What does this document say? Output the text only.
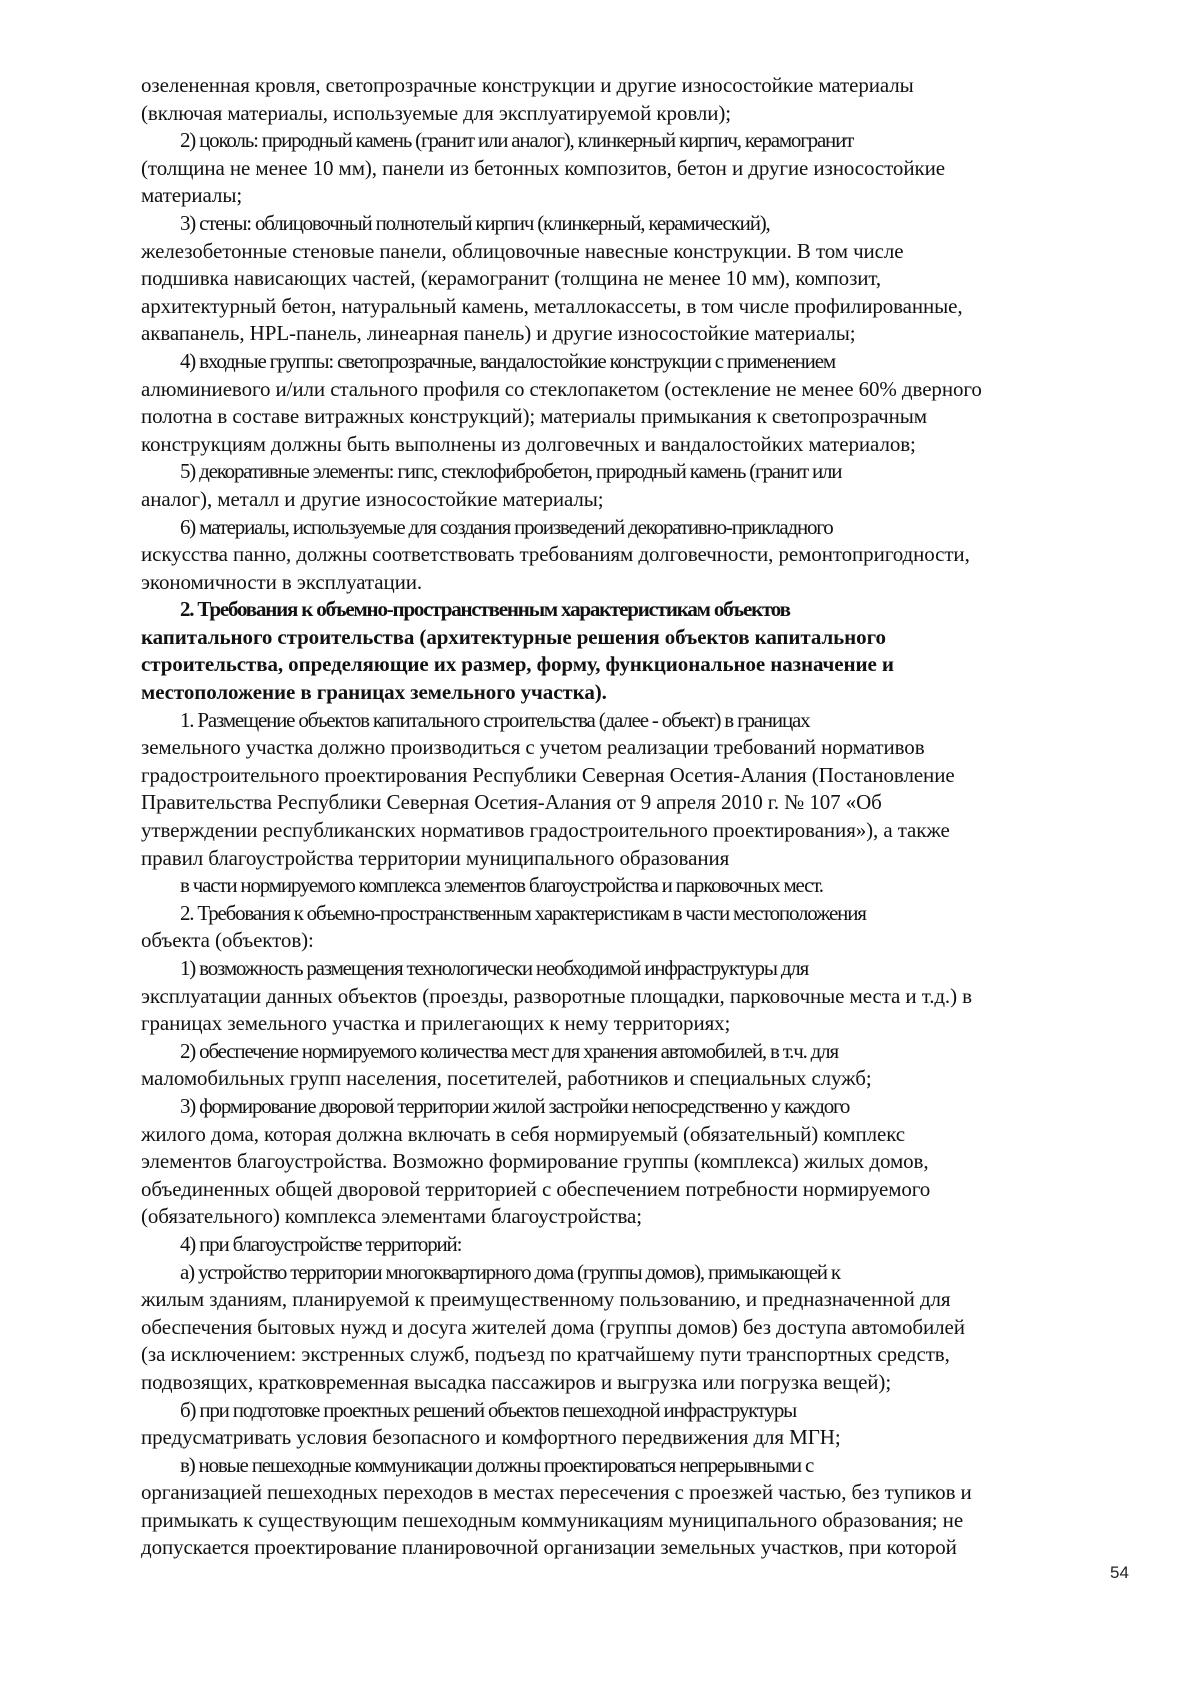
озелененная кровля, светопрозрачные конструкции и другие износостойкие материалы
(включая материалы, используемые для эксплуатируемой кровли);
2) цоколь: природный камень (гранит или аналог), клинкерный кирпич, керамогранит
(толщина не менее 10 мм), панели из бетонных композитов, бетон и другие износостойкие
материалы;
3) стены: облицовочный полнотелый кирпич (клинкерный, керамический),
железобетонные стеновые панели, облицовочные навесные конструкции. В том числе
подшивка нависающих частей, (керамогранит (толщина не менее 10 мм), композит,
архитектурный бетон, натуральный камень, металлокассеты, в том числе профилированные,
аквапанель, HPL-панель, линеарная панель) и другие износостойкие материалы;
4) входные группы: светопрозрачные, вандалостойкие конструкции с применением
алюминиевого и/или стального профиля со стеклопакетом (остекление не менее 60% дверного
полотна в составе витражных конструкций); материалы примыкания к светопрозрачным
конструкциям должны быть выполнены из долговечных и вандалостойких материалов;
5) декоративные элементы: гипс, стеклофибробетон, природный камень (гранит или
аналог), металл и другие износостойкие материалы;
6) материалы, используемые для создания произведений декоративно-прикладного
искусства панно, должны соответствовать требованиям долговечности, ремонтопригодности,
экономичности в эксплуатации.
2. Требования к объемно-пространственным характеристикам объектов
капитального строительства (архитектурные решения объектов капитального
строительства, определяющие их размер, форму, функциональное назначение и
местоположение в границах земельного участка).
1. Размещение объектов капитального строительства (далее - объект) в границах
земельного участка должно производиться с учетом реализации требований нормативов
градостроительного проектирования Республики Северная Осетия-Алания (Постановление
Правительства Республики Северная Осетия-Алания от 9 апреля 2010 г. № 107 «Об
утверждении республиканских нормативов градостроительного проектирования»), а также
правил благоустройства территории муниципального образования
в части нормируемого комплекса элементов благоустройства и парковочных мест.
2. Требования к объемно-пространственным характеристикам в части местоположения
объекта (объектов):
1) возможность размещения технологически необходимой инфраструктуры для
эксплуатации данных объектов (проезды, разворотные площадки, парковочные места и т.д.) в
границах земельного участка и прилегающих к нему территориях;
2) обеспечение нормируемого количества мест для хранения автомобилей, в т.ч. для
маломобильных групп населения, посетителей, работников и специальных служб;
3) формирование дворовой территории жилой застройки непосредственно у каждого
жилого дома, которая должна включать в себя нормируемый (обязательный) комплекс
элементов благоустройства. Возможно формирование группы (комплекса) жилых домов,
объединенных общей дворовой территорией с обеспечением потребности нормируемого
(обязательного) комплекса элементами благоустройства;
4) при благоустройстве территорий:
а) устройство территории многоквартирного дома (группы домов), примыкающей к
жилым зданиям, планируемой к преимущественному пользованию, и предназначенной для
обеспечения бытовых нужд и досуга жителей дома (группы домов) без доступа автомобилей
(за исключением: экстренных служб, подъезд по кратчайшему пути транспортных средств,
подвозящих, кратковременная высадка пассажиров и выгрузка или погрузка вещей);
б) при подготовке проектных решений объектов пешеходной инфраструктуры
предусматривать условия безопасного и комфортного передвижения для МГН;
в) новые пешеходные коммуникации должны проектироваться непрерывными с
организацией пешеходных переходов в местах пересечения с проезжей частью, без тупиков и
примыкать к существующим пешеходным коммуникациям муниципального образования; не
допускается проектирование планировочной организации земельных участков, при которой
54
